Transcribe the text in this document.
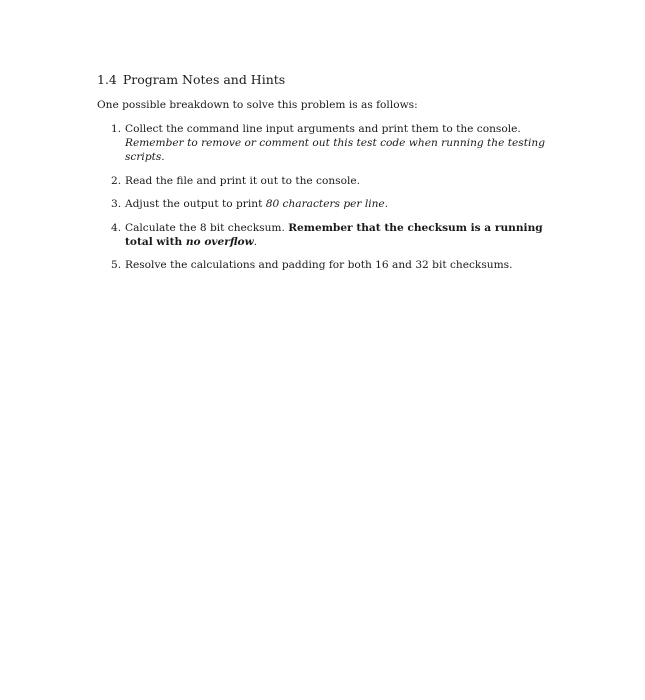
1.4 Program Notes and Hints

One possible breakdown to solve this problem is as follows:

1. Collect the command line input arguments and print them to the console. Remember to remove or comment out this test code when running the testing scripts.
2. Read the file and print it out to the console.
3. Adjust the output to print 80 characters per line.
4. Calculate the 8 bit checksum. Remember that the checksum is a running total with no overflow.
5. Resolve the calculations and padding for both 16 and 32 bit checksums.
